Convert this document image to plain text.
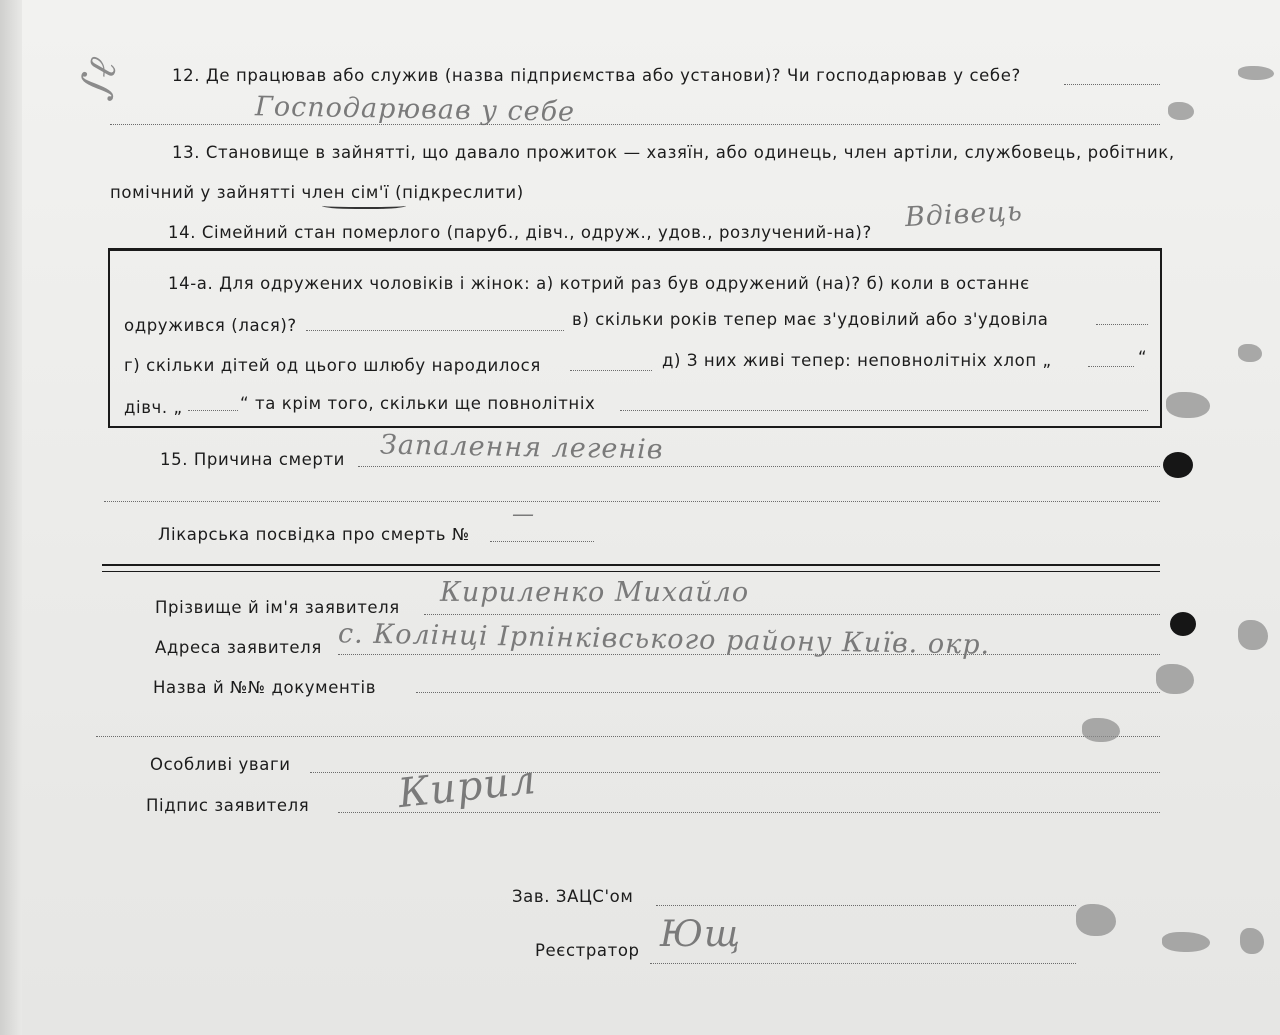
∫ℓ	12. Де працював або служив (назва підприємства або установи)? Чи господарював у себе?
Господарював у себе
13. Становище в зайнятті, що давало прожиток — хазяїн, або одинець, член артіли, службовець, робітник,
помічний у зайнятті член сім'ї (підкреслити)
14. Сімейний стан померлого (паруб., дівч., одруж., удов., розлучений-на)? Вдівець
14-а. Для одружених чоловіків і жінок: а) котрий раз був одружений (на)? б) коли в останнє
одружився (лася)?	в) скільки років тепер має з'удовілий або з'удовіла
г) скільки дітей од цього шлюбу народилося	д) З них живі тепер: неповнолітніх хлоп „	“
дівч. „	“ та крім того, скільки ще повнолітніх
15. Причина смерти Запалення легенів
Лікарська посвідка про смерть №
—
Прізвище й ім'я заявителя Кириленко Михайло
Адреса заявителя с. Колінці Ірпінківського району Київ. окр.
Назва й №№ документів
Особливі уваги
Підпис заявителя Кирил
Зав. ЗАЦС'ом
Реєстратор Ющ
